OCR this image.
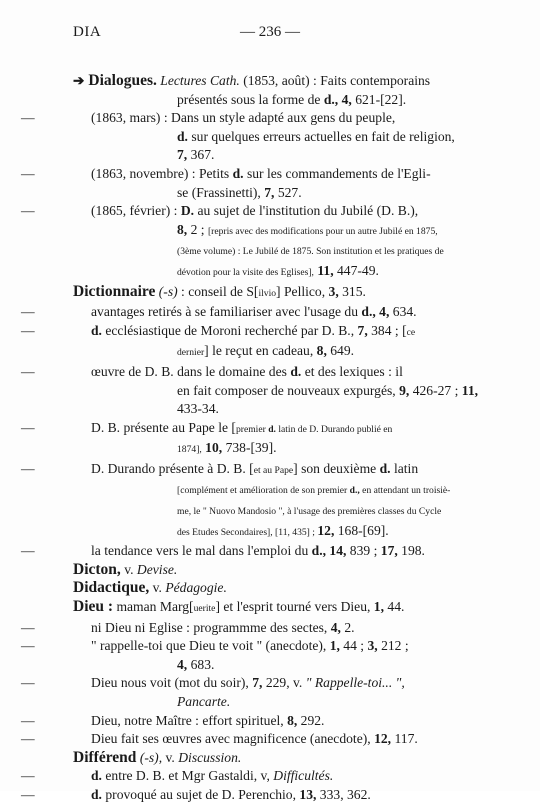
DIA	— 236 —
➔ Dialogues. Lectures Cath. (1853, août) : Faits contemporains
présentés sous la forme de d., 4, 621-[22].
—	(1863, mars) : Dans un style adapté aux gens du peuple,
d. sur quelques erreurs actuelles en fait de religion,
7, 367.
—	(1863, novembre) : Petits d. sur les commandements de l'Egli-
se (Frassinetti), 7, 527.
—	(1865, février) : D. au sujet de l'institution du Jubilé (D. B.),
8, 2 ; [repris avec des modifications pour un autre Jubilé en 1875,
(3ème volume) : Le Jubilé de 1875. Son institution et les pratiques de
dévotion pour la visite des Eglises], 11, 447-49.
Dictionnaire (-s) : conseil de S[ilvio] Pellico, 3, 315.
—	avantages retirés à se familiariser avec l'usage du d., 4, 634.
—	d. ecclésiastique de Moroni recherché par D. B., 7, 384 ; [ce
dernier] le reçut en cadeau, 8, 649.
—	œuvre de D. B. dans le domaine des d. et des lexiques : il
en fait composer de nouveaux expurgés, 9, 426-27 ; 11,
433-34.
—	D. B. présente au Pape le [premier d. latin de D. Durando publié en
1874], 10, 738-[39].
—	D. Durando présente à D. B. [et au Pape] son deuxième d. latin
[complément et amélioration de son premier d., en attendant un troisiè-
me, le " Nuovo Mandosio ", à l'usage des premières classes du Cycle
des Etudes Secondaires], [11, 435] ; 12, 168-[69].
—	la tendance vers le mal dans l'emploi du d., 14, 839 ; 17, 198.
Dicton, v. Devise.
Didactique, v. Pédagogie.
Dieu : maman Marg[uerite] et l'esprit tourné vers Dieu, 1, 44.
—	ni Dieu ni Eglise : programmme des sectes, 4, 2.
—	" rappelle-toi que Dieu te voit " (anecdote), 1, 44 ; 3, 212 ;
4, 683.
—	Dieu nous voit (mot du soir), 7, 229, v. " Rappelle-toi... ",
Pancarte.
—	Dieu, notre Maître : effort spirituel, 8, 292.
—	Dieu fait ses œuvres avec magnificence (anecdote), 12, 117.
Différend (-s), v. Discussion.
—	d. entre D. B. et Mgr Gastaldi, v, Difficultés.
—	d. provoqué au sujet de D. Perenchio, 13, 333, 362.
